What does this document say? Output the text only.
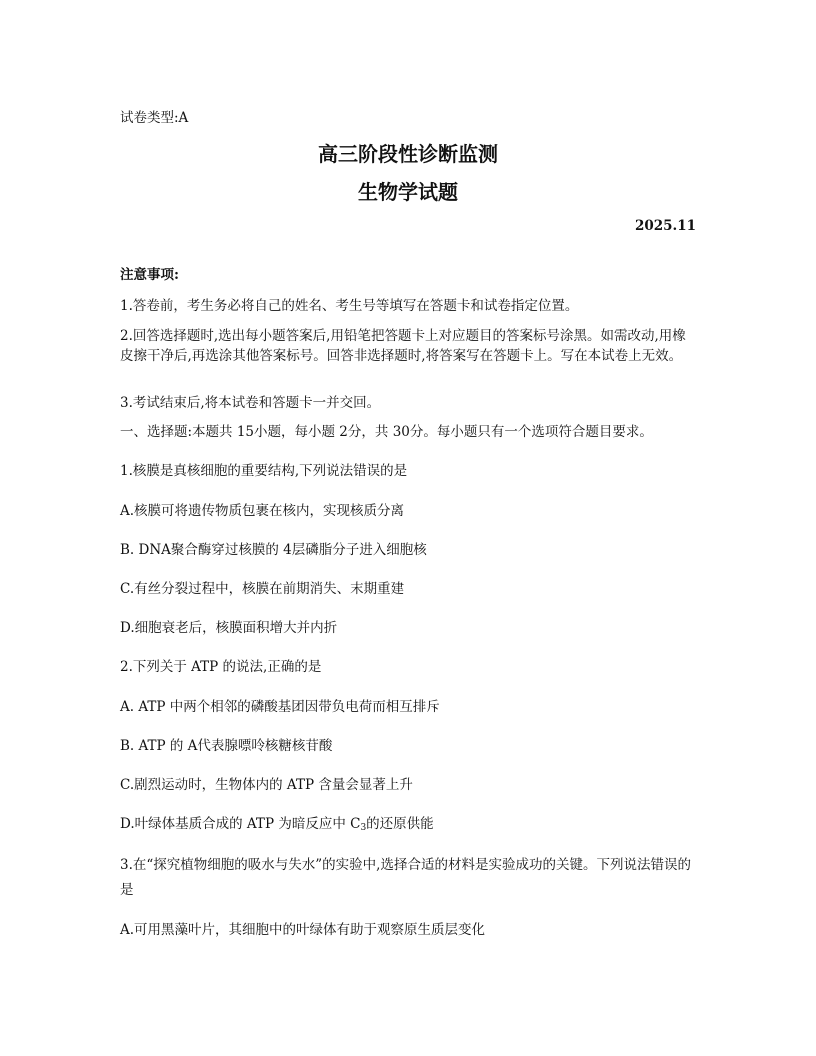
试卷类型:A
高三阶段性诊断监测
生物学试题
2025.11
注意事项:
1.答卷前，考生务必将自己的姓名、考生号等填写在答题卡和试卷指定位置。
2.回答选择题时,选出每小题答案后,用铅笔把答题卡上对应题目的答案标号涂黑。如需改动,用橡皮擦干净后,再选涂其他答案标号。回答非选择题时,将答案写在答题卡上。写在本试卷上无效。
3.考试结束后,将本试卷和答题卡一并交回。
一、选择题:本题共 15小题，每小题 2分，共 30分。每小题只有一个选项符合题目要求。
1.核膜是真核细胞的重要结构,下列说法错误的是
A.核膜可将遗传物质包裹在核内，实现核质分离
B. DNA聚合酶穿过核膜的 4层磷脂分子进入细胞核
C.有丝分裂过程中，核膜在前期消失、末期重建
D.细胞衰老后，核膜面积增大并内折
2.下列关于 ATP 的说法,正确的是
A. ATP 中两个相邻的磷酸基团因带负电荷而相互排斥
B. ATP 的 A代表腺嘌呤核糖核苷酸
C.剧烈运动时，生物体内的 ATP 含量会显著上升
D.叶绿体基质合成的 ATP 为暗反应中 $C_3$的还原供能
3.在“探究植物细胞的吸水与失水”的实验中,选择合适的材料是实验成功的关键。下列说法错误的是
A.可用黑藻叶片，其细胞中的叶绿体有助于观察原生质层变化
